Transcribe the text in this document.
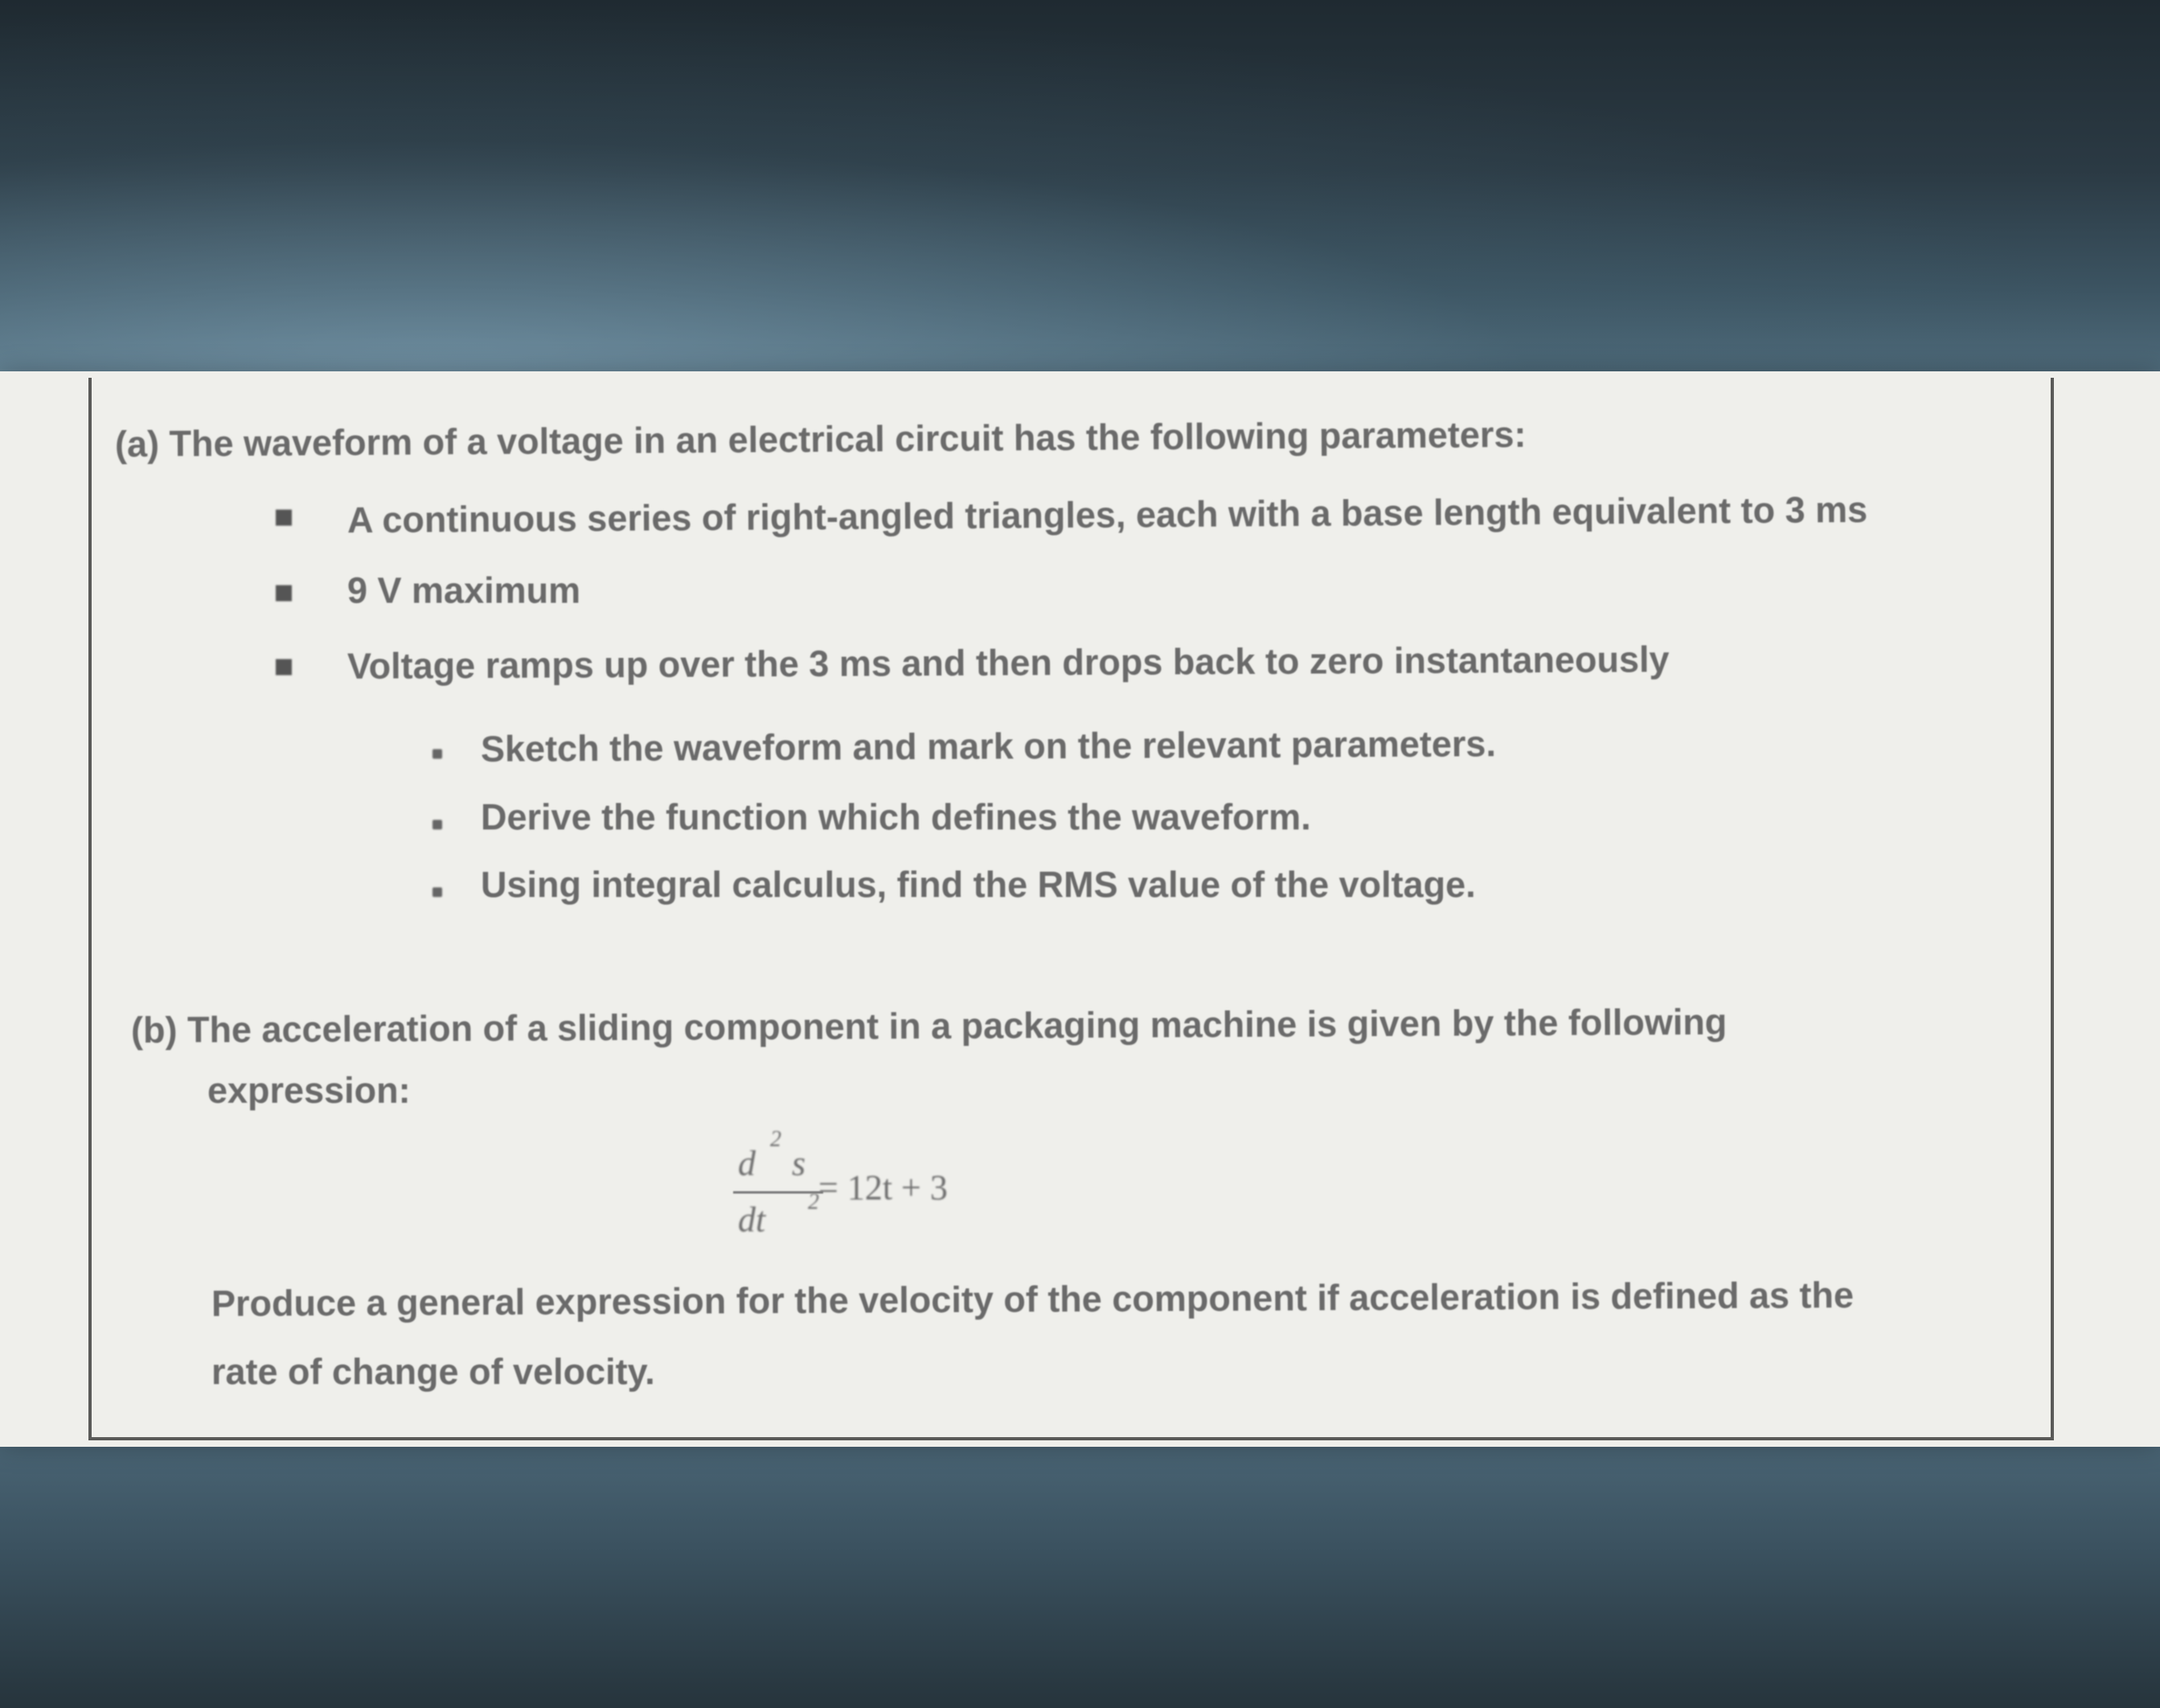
(a) The waveform of a voltage in an electrical circuit has the following parameters:
A continuous series of right-angled triangles, each with a base length equivalent to 3 ms
9 V maximum
Voltage ramps up over the 3 ms and then drops back to zero instantaneously
Sketch the waveform and mark on the relevant parameters.
Derive the function which defines the waveform.
Using integral calculus, find the RMS value of the voltage.
(b) The acceleration of a sliding component in a packaging machine is given by the following
expression:
d
2
s
dt 2 = 12t + 3
Produce a general expression for the velocity of the component if acceleration is defined as the
rate of change of velocity.
